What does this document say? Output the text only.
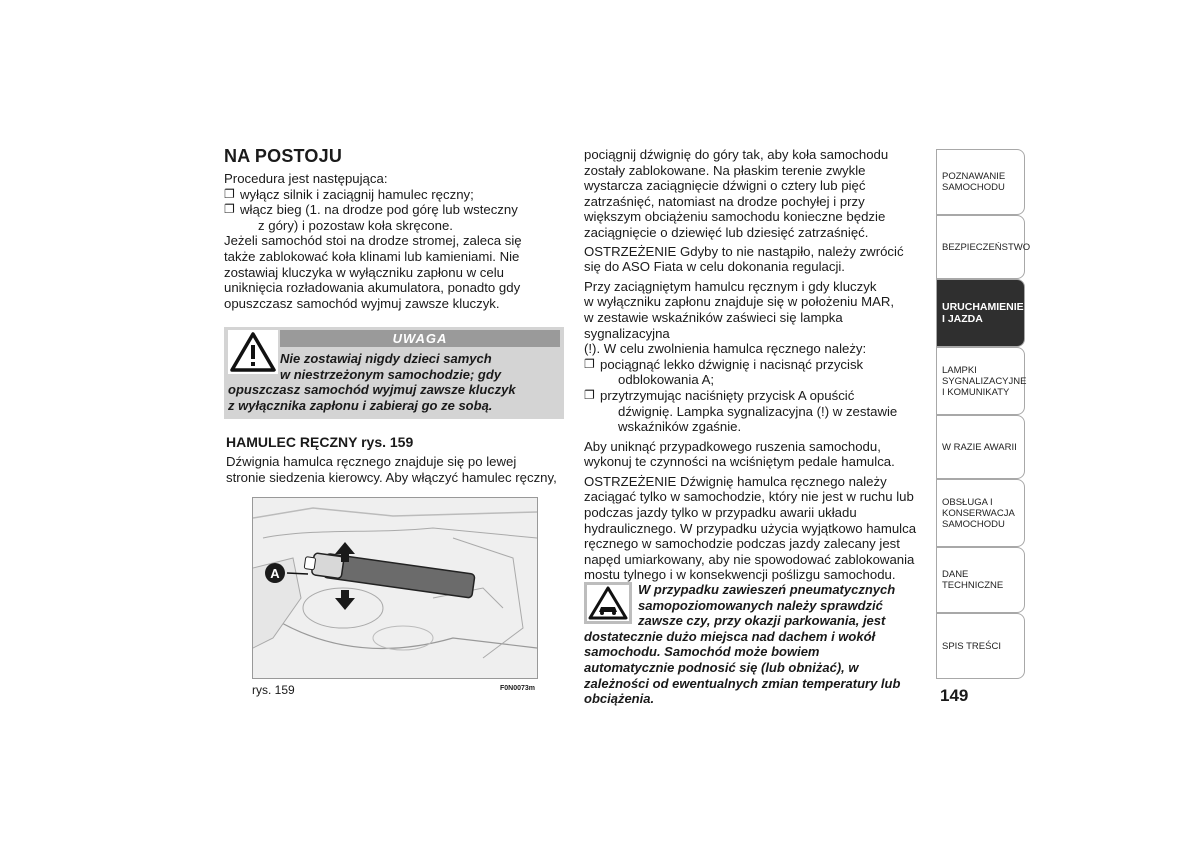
NA POSTOJU

Procedura jest następująca:

❐ wyłącz silnik i zaciągnij hamulec ręczny;
❐ włącz bieg (1. na drodze pod górę lub wsteczny
z góry) i pozostaw koła skręcone.

Jeżeli samochód stoi na drodze stromej, zaleca się
także zablokować koła klinami lub kamieniami. Nie
zostawiaj kluczyka w wyłączniku zapłonu w celu
uniknięcia rozładowania akumulatora, ponadto gdy
opuszczasz samochód wyjmuj zawsze kluczyk.

UWAGA
Nie zostawiaj nigdy dzieci samych
w niestrzeżonym samochodzie; gdy
opuszczasz samochód wyjmuj zawsze kluczyk
z wyłącznika zapłonu i zabieraj go ze sobą.
HAMULEC RĘCZNY rys. 159

Dźwignia hamulca ręcznego znajduje się po lewej
stronie siedzenia kierowcy. Aby włączyć hamulec ręczny,

A
rys. 159	F0N0073m

pociągnij dźwignię do góry tak, aby koła samochodu
zostały zablokowane. Na płaskim terenie zwykle
wystarcza zaciągnięcie dźwigni o cztery lub pięć
zatrzaśnięć, natomiast na drodze pochyłej i przy
większym obciążeniu samochodu konieczne będzie
zaciągnięcie o dziewięć lub dziesięć zatrzaśnięć.

OSTRZEŻENIE Gdyby to nie nastąpiło, należy zwrócić
się do ASO Fiata w celu dokonania regulacji.

Przy zaciągniętym hamulcu ręcznym i gdy kluczyk
w wyłączniku zapłonu znajduje się w położeniu MAR,
w zestawie wskaźników zaświeci się lampka sygnalizacyjna
(!). W celu zwolnienia hamulca ręcznego należy:

❐ pociągnąć lekko dźwignię i nacisnąć przycisk
odblokowania A;
❐ przytrzymując naciśnięty przycisk A opuścić
dźwignię. Lampka sygnalizacyjna (!) w zestawie
wskaźników zgaśnie.

Aby uniknąć przypadkowego ruszenia samochodu,
wykonuj te czynności na wciśniętym pedale hamulca.

OSTRZEŻENIE Dźwignię hamulca ręcznego należy
zaciągać tylko w samochodzie, który nie jest w ruchu lub
podczas jazdy tylko w przypadku awarii układu
hydraulicznego. W przypadku użycia wyjątkowo hamulca
ręcznego w samochodzie podczas jazdy zalecany jest
napęd umiarkowany, aby nie spowodować zablokowania
mostu tylnego i w konsekwencji poślizgu samochodu.

W przypadku zawieszeń pneumatycznych
samopoziomowanych należy sprawdzić
zawsze czy, przy okazji parkowania, jest
dostatecznie dużo miejsca nad dachem i wokół
samochodu. Samochód może bowiem
automatycznie podnosić się (lub obniżać), w
zależności od ewentualnych zmian temperatury lub
obciążenia.
POZNAWANIE
SAMOCHODU
BEZPIECZEŃSTWO
URUCHAMIENIE
I JAZDA
LAMPKI
SYGNALIZACYJNE
I KOMUNIKATY
W RAZIE AWARII
OBSŁUGA I
KONSERWACJA
SAMOCHODU
DANE TECHNICZNE
SPIS TREŚCI
149
